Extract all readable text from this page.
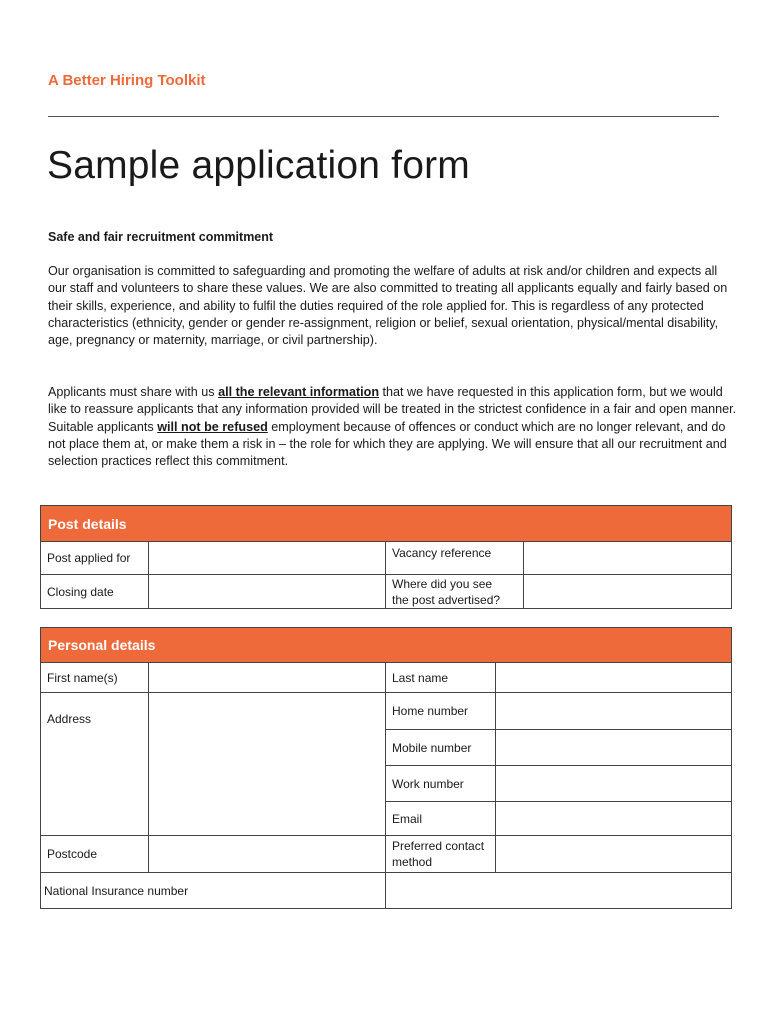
A Better Hiring Toolkit
Sample application form
Safe and fair recruitment commitment

Our organisation is committed to safeguarding and promoting the welfare of adults at risk and/or children and expects all our staff and volunteers to share these values. We are also committed to treating all applicants equally and fairly based on their skills, experience, and ability to fulfil the duties required of the role applied for. This is regardless of any protected characteristics (ethnicity, gender or gender re-assignment, religion or belief, sexual orientation, physical/mental disability, age, pregnancy or maternity, marriage, or civil partnership).

Applicants must share with us all the relevant information that we have requested in this application form, but we would like to reassure applicants that any information provided will be treated in the strictest confidence in a fair and open manner. Suitable applicants will not be refused employment because of offences or conduct which are no longer relevant, and do not place them at, or make them a risk in – the role for which they are applying. We will ensure that all our recruitment and selection practices reflect this commitment.

Post details
Post applied for	Vacancy reference
Closing date
Where did you see the post advertised?
Personal details
First name(s)	Last name
Address
Home number
Mobile number
Work number
Email
Postcode
Preferred contact method
National Insurance number
